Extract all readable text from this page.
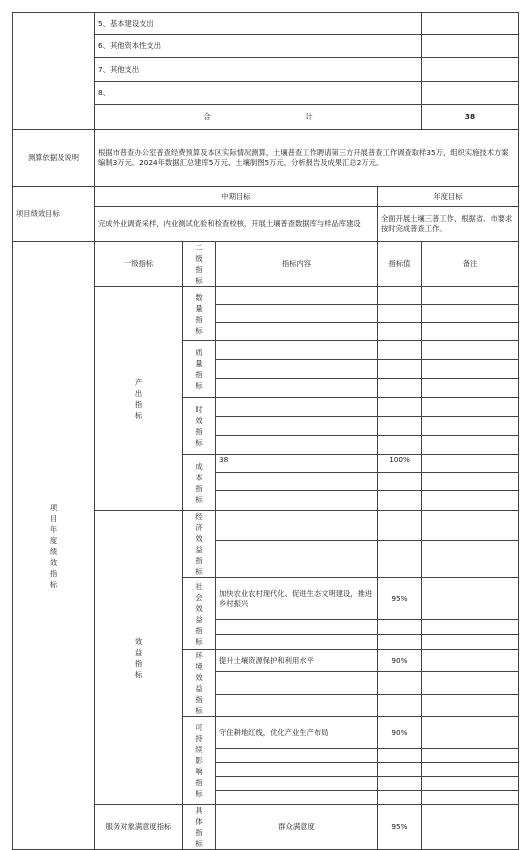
	5、基本建设支出				
	6、其他资本性支出				
	7、其他支出				
	8、				
	合 计				38
测算依据及说明	根据市普查办公室普查经费预算及本区实际情况测算，土壤普查工作聘请第三方开展普查工作调查取样35万，组织实施技术方案编制3万元。2024年数据汇总建库5万元、土壤制图5万元，分析报告及成果汇总2万元。				
项目绩效目标	中期目标			年度目标	
	完成外业调查采样，内业测试化验和检查校核，开展土壤普查数据库与样品库建设			全面开展土壤三普工作，根据省、市要求按时完成普查工作。	
项目年度绩效指标	一级指标	二级指标	指标内容	指标值	备注
	产出指标	数量指标			

		质量指标			

		时效指标			

		成本指标	38	100%	

	效益指标	经济效益指标			

		社会效益指标	加快农业农村现代化、促进生态文明建设，推进乡村振兴	95%	

		环境效益指标	提升土壤资源保护和利用水平	90%	

		可持续影响指标	守住耕地红线，优化产业生产布局	90%	

	服务对象满意度指标	具体指标	群众满意度	95%	
